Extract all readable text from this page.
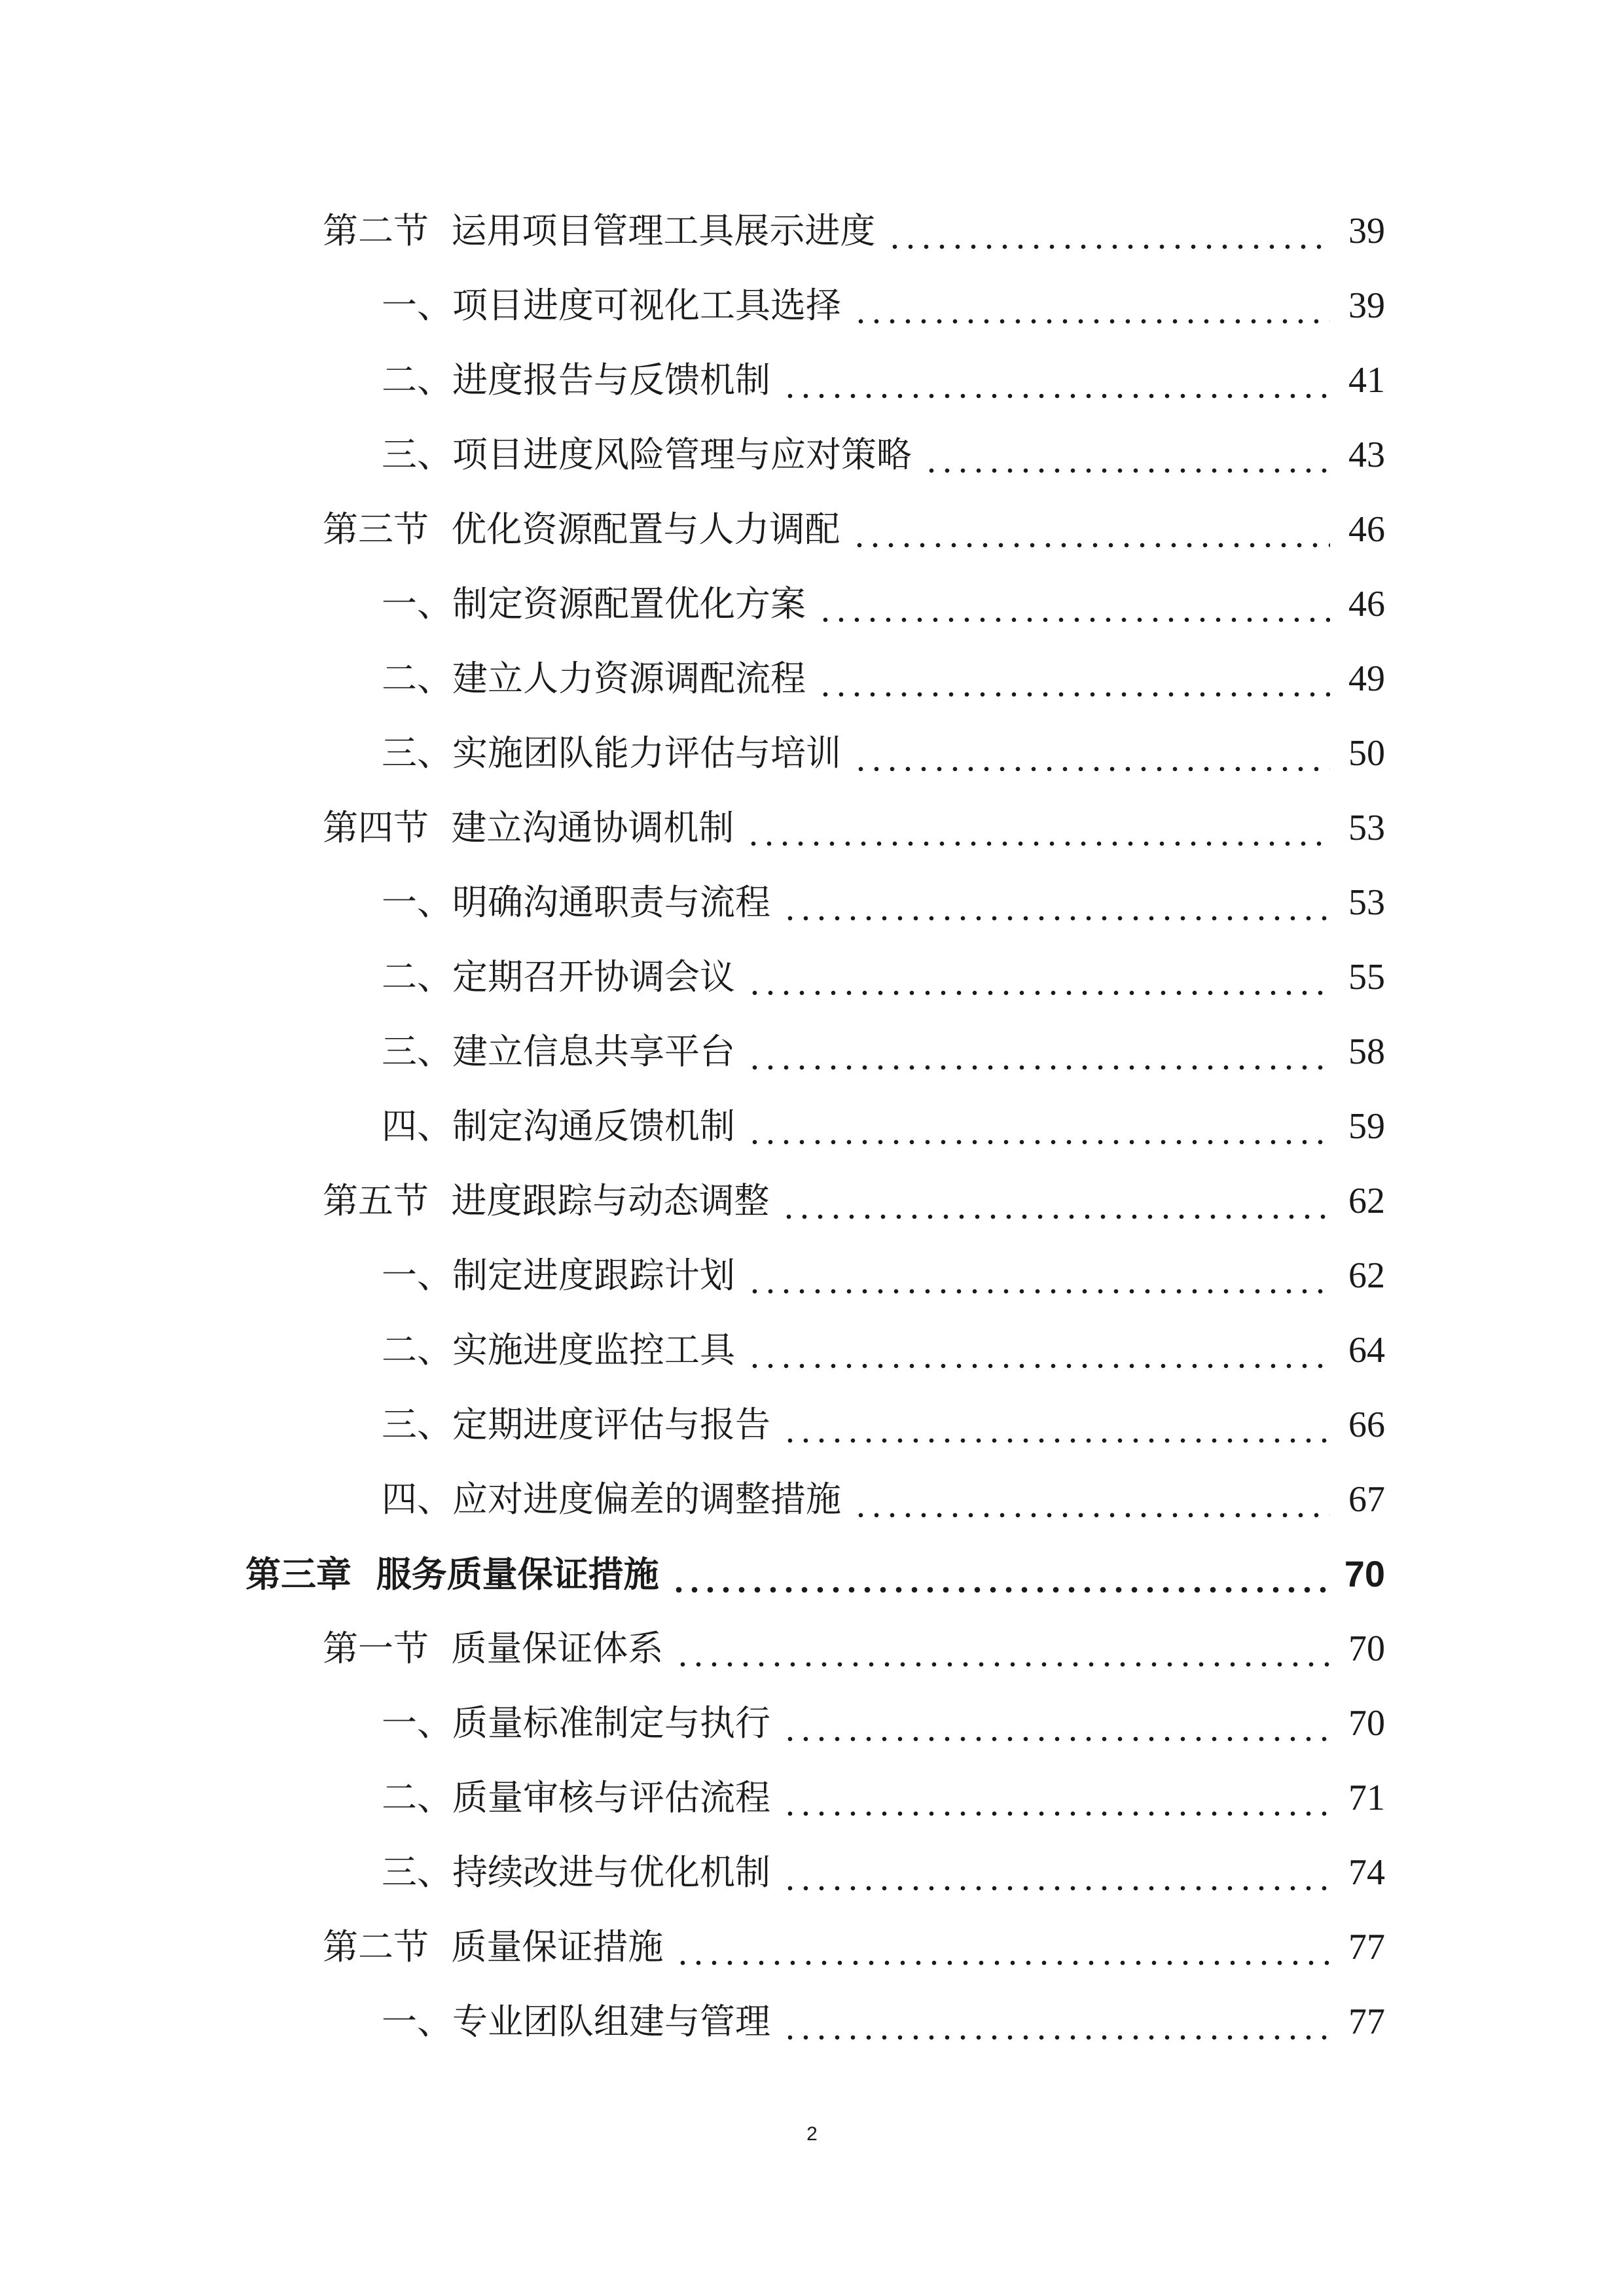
第二节  运用项目管理工具展示进度	39
一、项目进度可视化工具选择	39
二、进度报告与反馈机制	41
三、项目进度风险管理与应对策略	43
第三节  优化资源配置与人力调配	46
一、制定资源配置优化方案	46
二、建立人力资源调配流程	49
三、实施团队能力评估与培训	50
第四节  建立沟通协调机制	53
一、明确沟通职责与流程	53
二、定期召开协调会议	55
三、建立信息共享平台	58
四、制定沟通反馈机制	59
第五节  进度跟踪与动态调整	62
一、制定进度跟踪计划	62
二、实施进度监控工具	64
三、定期进度评估与报告	66
四、应对进度偏差的调整措施	67
第三章  服务质量保证措施	70
第一节  质量保证体系	70
一、质量标准制定与执行	70
二、质量审核与评估流程	71
三、持续改进与优化机制	74
第二节  质量保证措施	77
一、专业团队组建与管理	77
2
